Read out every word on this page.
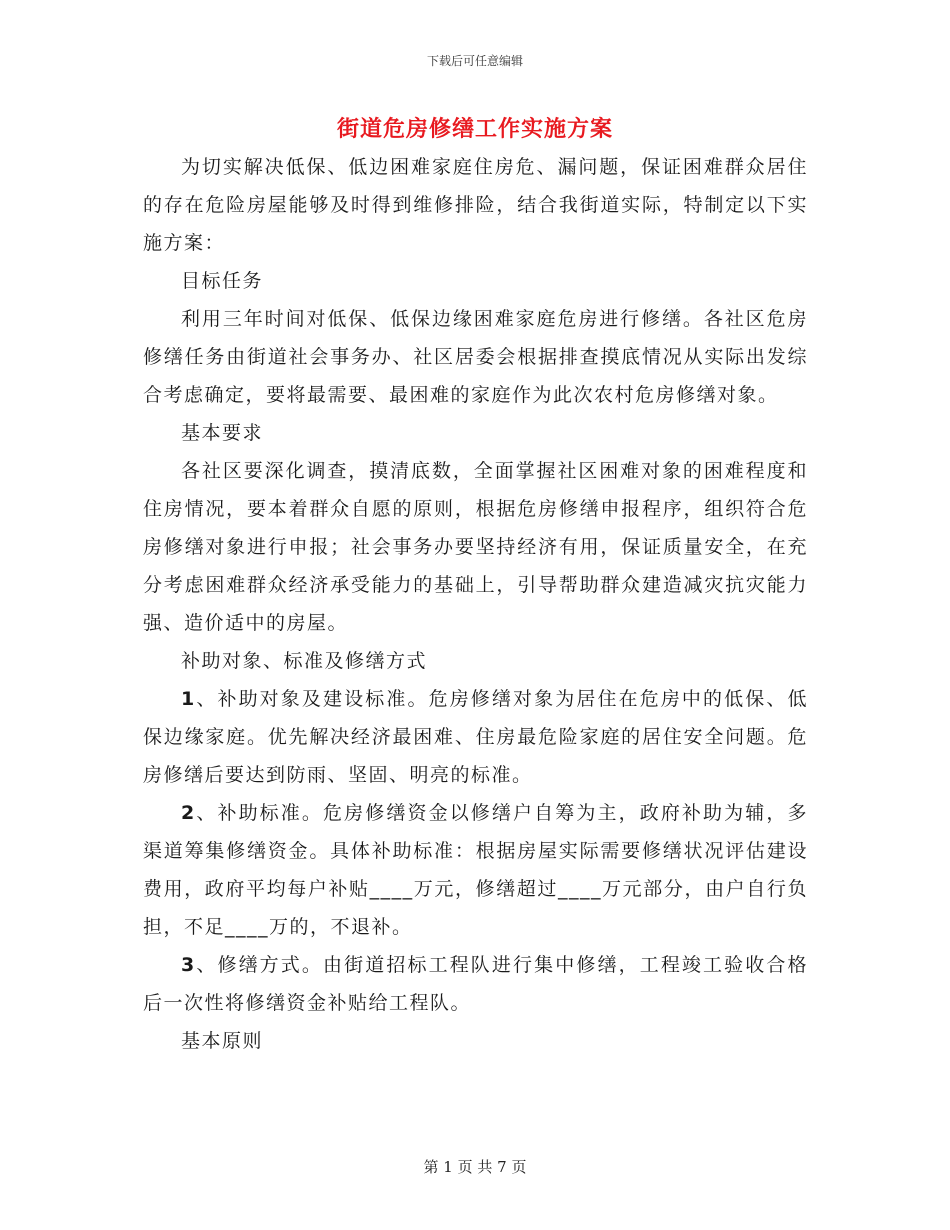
下载后可任意编辑
街道危房修缮工作实施方案

为切实解决低保、低边困难家庭住房危、漏问题，保证困难群众居住的存在危险房屋能够及时得到维修排险，结合我街道实际，特制定以下实施方案：

目标任务

利用三年时间对低保、低保边缘困难家庭危房进行修缮。各社区危房修缮任务由街道社会事务办、社区居委会根据排查摸底情况从实际出发综合考虑确定，要将最需要、最困难的家庭作为此次农村危房修缮对象。

基本要求

各社区要深化调查，摸清底数，全面掌握社区困难对象的困难程度和住房情况，要本着群众自愿的原则，根据危房修缮申报程序，组织符合危房修缮对象进行申报；社会事务办要坚持经济有用，保证质量安全，在充分考虑困难群众经济承受能力的基础上，引导帮助群众建造减灾抗灾能力强、造价适中的房屋。

补助对象、标准及修缮方式

1、补助对象及建设标准。危房修缮对象为居住在危房中的低保、低保边缘家庭。优先解决经济最困难、住房最危险家庭的居住安全问题。危房修缮后要达到防雨、坚固、明亮的标准。

2、补助标准。危房修缮资金以修缮户自筹为主，政府补助为辅，多渠道筹集修缮资金。具体补助标准：根据房屋实际需要修缮状况评估建设费用，政府平均每户补贴____万元，修缮超过____万元部分，由户自行负担，不足____万的，不退补。

3、修缮方式。由街道招标工程队进行集中修缮，工程竣工验收合格后一次性将修缮资金补贴给工程队。

基本原则

第 1 页 共 7 页
